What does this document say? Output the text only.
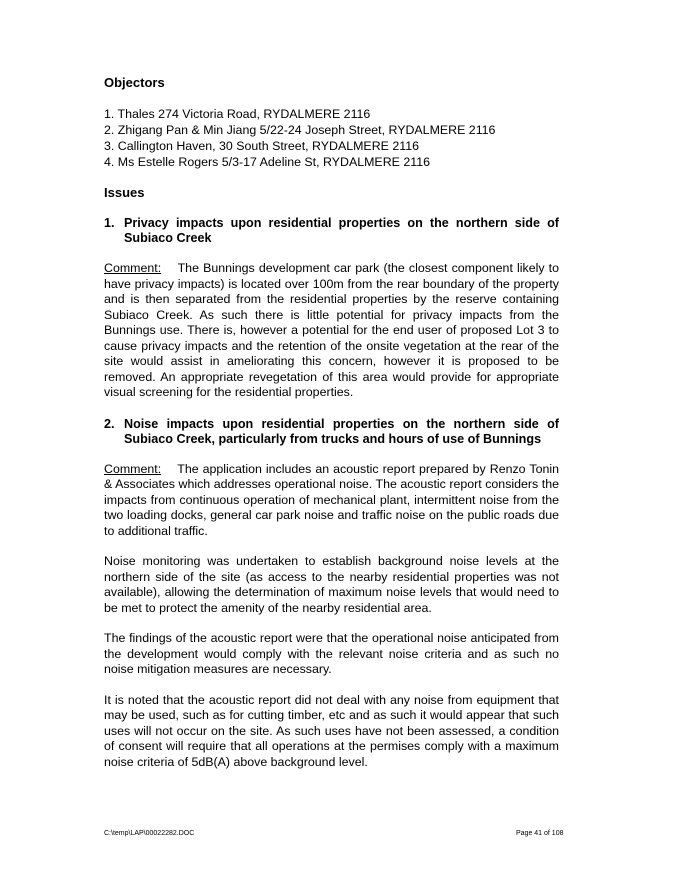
Objectors

1. Thales 274 Victoria Road, RYDALMERE 2116
2. Zhigang Pan & Min Jiang 5/22-24 Joseph Street, RYDALMERE 2116
3. Callington Haven, 30 South Street, RYDALMERE 2116
4. Ms Estelle Rogers 5/3-17 Adeline St, RYDALMERE 2116

Issues

1. Privacy impacts upon residential properties on the northern side of Subiaco Creek

Comment: The Bunnings development car park (the closest component likely to have privacy impacts) is located over 100m from the rear boundary of the property and is then separated from the residential properties by the reserve containing Subiaco Creek. As such there is little potential for privacy impacts from the Bunnings use. There is, however a potential for the end user of proposed Lot 3 to cause privacy impacts and the retention of the onsite vegetation at the rear of the site would assist in ameliorating this concern, however it is proposed to be removed. An appropriate revegetation of this area would provide for appropriate visual screening for the residential properties.

2. Noise impacts upon residential properties on the northern side of Subiaco Creek, particularly from trucks and hours of use of Bunnings

Comment: The application includes an acoustic report prepared by Renzo Tonin & Associates which addresses operational noise. The acoustic report considers the impacts from continuous operation of mechanical plant, intermittent noise from the two loading docks, general car park noise and traffic noise on the public roads due to additional traffic.

Noise monitoring was undertaken to establish background noise levels at the northern side of the site (as access to the nearby residential properties was not available), allowing the determination of maximum noise levels that would need to be met to protect the amenity of the nearby residential area.

The findings of the acoustic report were that the operational noise anticipated from the development would comply with the relevant noise criteria and as such no noise mitigation measures are necessary.

It is noted that the acoustic report did not deal with any noise from equipment that may be used, such as for cutting timber, etc and as such it would appear that such uses will not occur on the site. As such uses have not been assessed, a condition of consent will require that all operations at the permises comply with a maximum noise criteria of 5dB(A) above background level.

C:\temp\LAP\00022282.DOC	Page 41 of 108
